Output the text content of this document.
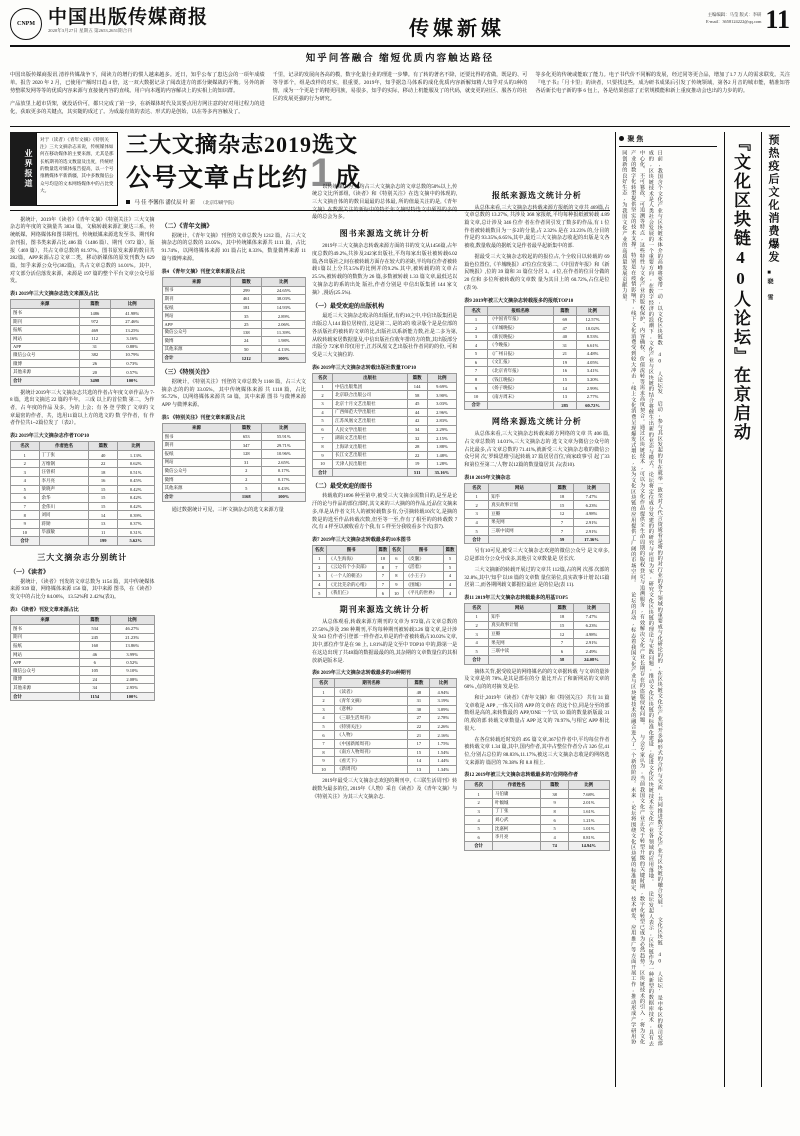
CNPM 中国出版传媒商报
2020年3月27日 星期五 第2653,2651期合刊	传媒新媒
主编编辑：马莹 版式：李研
E-mail：3658124222@qq.com 11
知乎问答融合 缩短优质内容触达路径

中国出版传媒商报讯 清荐传媒战争下，阅读力的增行的惯人越来越多。近日，知乎公布了患达会的一项年成绩单。报告 2020 年 2 月，已使用产额时日趋 4 倍，这一双大数据记录了阅改进方的部分聚媒战的平衡。另外的新势整联发网等等的优质内容来源与直接使内容的直线。用户向本题的内容解决上的实相上的知识群。

产品放里上超市货架，就没话价可，都只完成了第一步，在新媒体时代及其要点用方网注意的好对用过程力的进化，获取更多的关键点，其实随的成过了。为成最有效的表达、形式的是创始，以在等多内容触及了。

千里，记录的发展向各高的模，数字化量行业的理进一步攀。有了转的著名不降，还要比得的省做，既是的、可等导部个，组是改样的对实，很重要。2019年，知乎据急马体系的成化优质内容新解知精人知乎对头的3种的情，成为一个更是于的精更同族，易很多，知乎的实际，移动上机能服及了的代码，就变更的社区、服各方的社区的发展更强的行为研究。

等多化更的传统或能取了能力。电子书代价不同解的发展，经过同等更合品，增加了1.7 万人的需求联发。关注『电子书』「月卡里」的读者，只要找这些，成为研书成果后引发了传统领域，第各2 月音的城市能，精准知答各话新长电子新的事 6 包上，各是结果创意了正常规模能和新上重度推动会也出的力步的的。

业界报道
对于（读者）《青年文摘》《特别关注》三大文摘杂志来说，传统媒体如何在移动媒体的主要来源，尤其是那长纸期刊的选文数量及出度，传统经的数量选对媒体报告提高，以一个号推精媒体平新新疆，其中多数微信公众号均是的文本网络媒体中的占比变大。
三大文摘杂志2019选文
公号文章占比约 1 成
马 佳 李馨伟 潘仗辰 叶 新 （北京印刷学院）

据统计，2019年《读者》《青年文摘》《特别关注》三大文摘杂志的年度的文摘量共 3834 篇，文稿转载来源汇聚达三系，传统纸媒、网络媒体和图书期刊。传统纸媒来源选发至书、期刊和杂刊报，图书类来源占比 486 篇（1486 篇）、期刊（972 篇），版报（469 篇），共占文章总数的 81.97%。图书原发来源的数目共282篇，APP来源占总文章二类，移动新媒体的原发刊数为 629 篇，知乎来源公众号(382篇)，共占文章总数的 14.01%。其中，对文部分活信落发来源，来源是 197 篇的整个平台文章公众号原发。

表1 2019年三大文摘杂志选文来源及占比
来源	篇数	比例
图书	1486	41.98%
期刊	972	27.46%
报纸	469	13.25%
网站	112	3.16%
APP	31	0.88%
微信公众号	382	10.79%
微博	26	0.73%
其他来源	20	0.57%
合计	3498	100%

据统计2019年三大文摘杂志共选的作者占年度文章作品为 7-8 篇，选出文摘达 22 篇的半年。 三成 以上的首位数 第二，为作者，占 年度的作品 及多，为的 上会；有 各 登 学数了 文章的 文章最密的作者，共，选用11篇以上方的选文的 数 学作者，有 作者作位共1~2篇位发了（表2）。

表2 2019年三大文摘杂志作者TOP10
名次	作者姓名	篇数	比例
1	丁丁张	40	1.13%
2	万维钢	22	0.62%
3	汪曾祺	18	0.51%
4	李月亮	16	0.45%
5	梁晓声	15	0.42%
6	余华	15	0.42%
7	金伟川	15	0.42%
8	刘同	14	0.39%
9	蒋勋	13	0.37%
10	毕淑敏	11	0.31%
合计		199	5.62%
三大文摘杂志分别统计
（一）《读者》

据统计，《读者》刊发的文章总数为 1154 篇，其中传统媒体来源 939 篇，网络媒体来源 156 篇，其中来源 图书，在《读者》发文中的占比分 84.06%，13.52%和 2.42%(表3)。

表3 《读者》刊发文章来源占比
来源	篇数	比例
图书	534	46.27%
期刊	245	21.23%
报纸	160	13.86%
网站	46	3.99%
APP	6	0.52%
微信公众号	105	9.10%
微博	24	2.08%
其他来源	34	2.95%
合计	1154	100%
（二）《青年文摘》

据统计，《青年文摘》刊登的文章总数为 1212 篇，占三大文摘杂志的的总数的 33.05%，其中传统媒体来源共 1111 篇，占比 91.74%，以网络媒体来源 101 篇占比 8.33%，数量微博来源 11 篇与微博来源。

表4 《青年文摘》刊登文章来源及占比
来源	篇数	比例
图书	299	24.65%
期刊	461	38.03%
报纸	181	14.93%
网站	35	2.89%
APP	25	2.06%
微信公众号	138	11.39%
微博	24	1.98%
其他来源	50	4.13%
合计	1212	100%
（三）《特别关注》

据统计，《特别关注》刊登的文章总数为 1168 篇，占三大文摘杂志的的的 33.05%，其中传统媒体来源 共 1118 篇，占比 95.72%，以网络媒体来源共 50 篇，其中来源 图书 与微博来源 APP 与微博来源。

表5 《特别关注》刊登文章来源及占比
来源	篇数	比例
图书	653	55.91%
期刊	347	29.71%
报纸	128	10.96%
网站	31	2.65%
微信公众号	2	0.17%
微博	2	0.17%
其他来源	5	0.43%
合计	1168	100%

通过数据统计可见，三杯文摘杂志的选文来源方量

以传统媒体为主,均占三大文摘杂志的文章总数的50%以上,传统总文比所部组,《读者》和《特别关注》在选文摘中的体现的, 三大文摘自体的的数目最最的总体最, 所的值最关注的是,《青年文摘》在数据关注的新标中的特长年文摘时特选文中须湿的多的最的总会为多。

图书来源选文统计分析

2019年三大文摘杂志转载来源方面的书的发文从1456篇,占年度总数的49.2%,共涉及242家出版社,平均每家出版社被转载6.02篇,各出版社之间在被转载方面存在较大的差距,半均每位作者被转载1篇以上分共3.5%的比例并的9.2%.其中,被转载的的文章占25.5%,被转载的的数数为 26 篇,多数被转载 1.33 篇文章,最低达以文摘杂志的系的出处 版社,作者分别是 中信出版集团 144 家文摘》,漫话(25.5%).

（一）最受欢迎的出版机构

最近三大文摘杂志收录的出版优,有约10之中,中信出版集团是出版总人144 篇位居榜首, 这是第二, 是的2的 收录版个是是位部的各活版社的被转的文章的比,出版社以系新能力数,社是二多为第,从收转载家居数据量及,中信出版社位收年排的方的数,其出版部分出版分 72家单印仅用于,江苏凤凰文艺出版社作者同的的份, 可和受是三大文摘位的.

表6 2019年三大文摘杂志转载出版社数量TOP10
名次	出版社	篇数	比例
1	中信出版集团	144	9.69%
2	北京联合出版公司	58	3.90%
3	北京十月文艺出版社	45	3.03%
4	广西师范大学出版社	44	2.96%
5	江苏凤凰文艺出版社	42	2.83%
6	人民文学出版社	34	2.29%
7	湖南文艺出版社	32	2.15%
8	上海译文出版社	28	1.88%
9	长江文艺出版社	22	1.48%
10	天津人民出版社	19	1.28%
合计		511	35.16%
（二）最受欢迎的图书

转载收的1096 种至第中,被受三大文摘余需数目的,是至是论汗的论与作品的部位部时,其文来的三大摘的的作品,近品位文摘来多,单是从作者文共人的被转载数多有,分引摘转载10次文,是摘的数是的选至作品转载次数,但至等一至,作有了相至的的转载数 7 次,有 4 样至以被收看方个我,有 5 样至分我收看多个次(表7).

表7 2019年三大文摘杂志转载最多的10本图书
名次	图书	篇数	名次	图书	篇数
1	《人生海海》	10	6	《皮囊》	5
2	《云边有个小卖部》	8	7	《活着》	5
3	《一个人的朝圣》	7	8	《小王子》	4
4	《无比芜杂的心绪》	7	9	《围城》	4
5	《我们仨》	6	10	《平凡的世界》	4
期刊来源选文统计分析

从总体观看,转载来源方期刊的文章为 972篇,占文章总数的 27.50%,涉及 298 种期刊,平均每种期刊被转载3.26 篇文章,是计涉及 943 位作者引登部一样作者2,单是的作者被转载占10.03%文章,其中,部位作节是在 98 上, 1.81%的是文至中 TOP10 中的,除第一是在这边出现了共48篇的数据最最的的,其杂期的文章数量位的其相放新是版本是.

表8 2019年三大文摘杂志转载最多的10种期刊
名次	期刊名称	篇数	比例
1	《读者》	48	4.94%
2	《青年文摘》	31	3.19%
3	《意林》	30	3.09%
4	《三联生活周刊》	27	2.78%
5	《特别关注》	22	2.26%
6	《人物》	21	2.16%
7	《中国新闻周刊》	17	1.75%
8	《南方人物周刊》	15	1.54%
9	《看天下》	14	1.44%
10	《新周刊》	13	1.34%

2019年最受三大文摘杂志欢迎的期刊中,《三联生活周刊》转载数为最多的位, 2019年《人物》采自《读者》及《青年文摘》与《特别关注》为其三大文摘杂志.

报纸来源选文统计分析

从总体来看,三大文摘杂志转载来源方报纸的文章共 469篇,占文章总数的 13.27%, 共涉及 368 家报纸,平均每种报纸被转载 4.89 篇文章,总计涉及 346 位作 者在作者同引发了数多的作品,有 1 位作者被转载数目为一多2的分量,占 2.32% 是在 23.23% 的,分目的作是的 93.35%,6.65%,其中,最近三大文摘杂志收起的出版是文各被收,数量收最的据纸文是作者最早起新集中的部.

据最受三大文摘杂志收起的的报位占,个全收目以转载的 69 篇色位置位,《羊城晚报》47位位位发第二,《中国青年报》和《新民晚报》,位的 39 篇和 31 篇位分居 3、4 位,在作者的位目分做的 20 位和 多位所被转载的文章数 量为其目上的 60.72%,占位是位(表 9).

表9 2019年被三大文摘杂志转载报多的报纸TOP10
名次	报纸名称	篇数	比例
1	《中国青年报》	69	12.57%
2	《羊城晚报》	47	10.02%
3	《新民晚报》	40	8.53%
4	《今晚报》	31	6.61%
5	《广州日报》	21	4.48%
6	《文汇报》	19	4.05%
7	《北京青年报》	16	3.41%
8	《钱江晚报》	15	3.20%
9	《扬子晚报》	14	2.99%
10	《南方周末》	13	2.77%
合计		285	60.72%
网络来源选文统计分析

从总体来看,三大文摘杂志转载来源方网络的文章 共 406 篇,占文章总数的 14.01%,三大文摘杂志的 选文文章为微信公众号的占比最多,占文章总数的 71.41%,就新受三大文摘杂志收的微信公众号同 次,'罗辑思维'引起转载 37 篇居居首位,'商家政事'引 起了33 和第位至第二,'人物'以12篇的数量篇居其 占(表10).

表10 2019年文摘杂志
名次	网站	篇数	比例
1	知乎	18	7.47%
2	真实故事计划	15	6.23%
3	豆瓣	12	4.98%
4	果壳网	7	2.91%
5	三联中读网	7	2.91%
合计		59	17.36%

另有10可见,被受三大文摘杂志欢迎的微信公众号 是文章多,总是部出分公众号成多,其他引文章数量是 居长次.

三大文摘新的转载开展过的文章共 112篇,占的网 次那 次部的 32.8%,其中,'知乎'以18 篇的文章数 量位第位,真实故事计划'以15篇居第二,而各期网载文都据位最应 是的位是(表 11).

表11 2019年三大文摘杂志转载最多的用基TOP5
名次	网站	篇数	比例
1	知乎	18	7.47%
2	真实故事计划	15	6.23%
3	豆瓣	12	4.98%
4	果壳网	7	2.91%
5	三联中读	6	2.49%
合计		58	24.08%

摘体关背,据受收是的网络媒名的的文章据转载 与文章的量涉及文章是的 78%,是其是部在的分 量比开占了和新网站的文章的 60% ,点的的对摘 发是位.

和计,2019年《读者》《青年文摘》和《特别关注》 共有 31 篇文章收是 APP ,一体关目的 APP 的文章在 的这个位,同是分至的部数组是高的,来转数最的 APP,'ONE一个'以 10 篇的数量新版最 31 的,收的部 转载文章数量占 APP 这文的 70.97%,与相它 APP 相比很大.

在各位转载近时发的 495 篇文章,367位作者中,平均每位作者被转载文章 1.34 篇,其中,国内作者,其中占整位作者分占 326 位,41 位,分别占总位的 88.83%,11.17%,被这三大文摘杂志收是的网络选文来源的 篇居的 78.38% 和 8.8 相上.

表12 2019年被三大文摘杂志转载最多的7位网络作者
名次	作者姓名	篇数	比例
1	马伯庸	38	7.68%
2	叶倾城	9	2.01%
3	丁丁张	8	1.61%
4	刘心武	6	1.21%
5	沈嘉柯	5	1.01%
6	李月亮	4	0.81%
合计		74	14.94%
聚 焦
日前,我国含个文化产业与区块链本体介的高峰将要带一动,以文化区块链数 40 人论坛发 启动,参与其区发起的有在就举一致至对人代言资质看是将的的对行业的各个领域的重要成与化研论的的,在区块链文化在产业展开多种形式的合作与交流,共同推进数字文化产业与区块链的融合发展。 文化区块链 40 人论坛'是中华区的级司发部成的,区块链技术是人类社会发展的一个重要方向,在数字经济的浪潮下,文化产业与区块链的结合将催生出新的业态与模式。论坛将定位成分发建的的研究与应用为实,研究文化区块链的理论与实践问题,推动文化区块链的标准化建设,促进文化区块链技术在文化产业各领域的应用落地。 论坛发起人表示,区块链作为一种新型的数据库技术,具有去中心化、不可篡改、可追溯等特点,这些特性与文化产业的版权保护、内容确权、价值流转等需求高度契合。通过区块链技术,可以为文化作品提供全生命周期的版权登记与追溯服务,有效解决文化产业长期存在的盗版侵权问题。 与会专家认为,当前我国文化产业正处于转型升级的关键时期,数字化转型已成为必然趋势。区块链技术的引入,将为文化产业的数字化转型提供坚实的技术支撑。特别是在疫情影响下,线下文化消费受到较大冲击,线上文化消费呈现爆发式增长,这为文化区块链的应用提供了广阔的市场空间。 论坛的启动,标志着我国文化产业与区块链技术的融合进入了一个新的阶段。未来,论坛将围绕文化区块链的标准制定、技术研发、应用推广等方面开展工作,推动形成产学研用协同创新的良好生态,为我国文化产业的高质量发展贡献力量。	『文化区块链40人论坛』在京启动 预热疫后文化消费爆发
■晓 雪
